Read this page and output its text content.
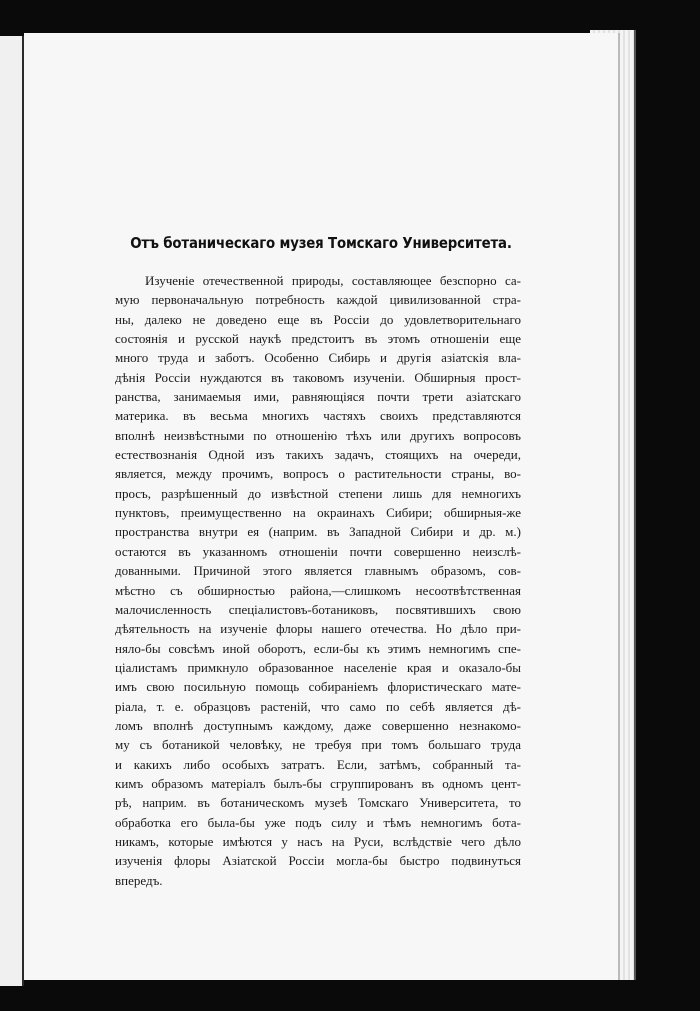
Отъ ботаническаго музея Томскаго Университета.

Изученіе отечественной природы, составляющее безспорно са-
мую первоначальную потребность каждой цивилизованной стра-
ны, далеко не доведено еще въ Россіи до удовлетворительнаго
состоянія и русской наукѣ предстоитъ въ этомъ отношеніи еще
много труда и заботъ. Особенно Сибирь и другія азіатскія вла-
дѣнія Россіи нуждаются въ таковомъ изученіи. Обширныя прост-
ранства, занимаемыя ими, равняющіяся почти трети азіатскаго
материка. въ весьма многихъ частяхъ своихъ представляются
вполнѣ неизвѣстными по отношенію тѣхъ или другихъ вопросовъ
естествознанія Одной изъ такихъ задачъ, стоящихъ на очереди,
является, между прочимъ, вопросъ о растительности страны, во-
просъ, разрѣшенный до извѣстной степени лишь для немногихъ
пунктовъ, преимущественно на окраинахъ Сибири; обширныя-же
пространства внутри ея (наприм. въ Западной Сибири и др. м.)
остаются въ указанномъ отношеніи почти совершенно неизслѣ-
дованными. Причиной этого является главнымъ образомъ, сов-
мѣстно съ обширностью района,—слишкомъ несоотвѣтственная
малочисленность спеціалистовъ-ботаниковъ, посвятившихъ свою
дѣятельность на изученіе флоры нашего отечества. Но дѣло при-
няло-бы совсѣмъ иной оборотъ, если-бы къ этимъ немногимъ спе-
ціалистамъ примкнуло образованное населеніе края и оказало-бы
имъ свою посильную помощь собираніемъ флористическаго мате-
ріала, т. е. образцовъ растеній, что само по себѣ является дѣ-
ломъ вполнѣ доступнымъ каждому, даже совершенно незнакомо-
му съ ботаникой человѣку, не требуя при томъ большаго труда
и какихъ либо особыхъ затратъ. Если, затѣмъ, собранный та-
кимъ образомъ матеріалъ былъ-бы сгруппированъ въ одномъ цент-
рѣ, наприм. въ ботаническомъ музеѣ Томскаго Университета, то
обработка его была-бы уже подъ силу и тѣмъ немногимъ бота-
никамъ, которые имѣются у насъ на Руси, вслѣдствіе чего дѣло
изученія флоры Азіатской Россіи могла-бы быстро подвинуться
впередъ.
